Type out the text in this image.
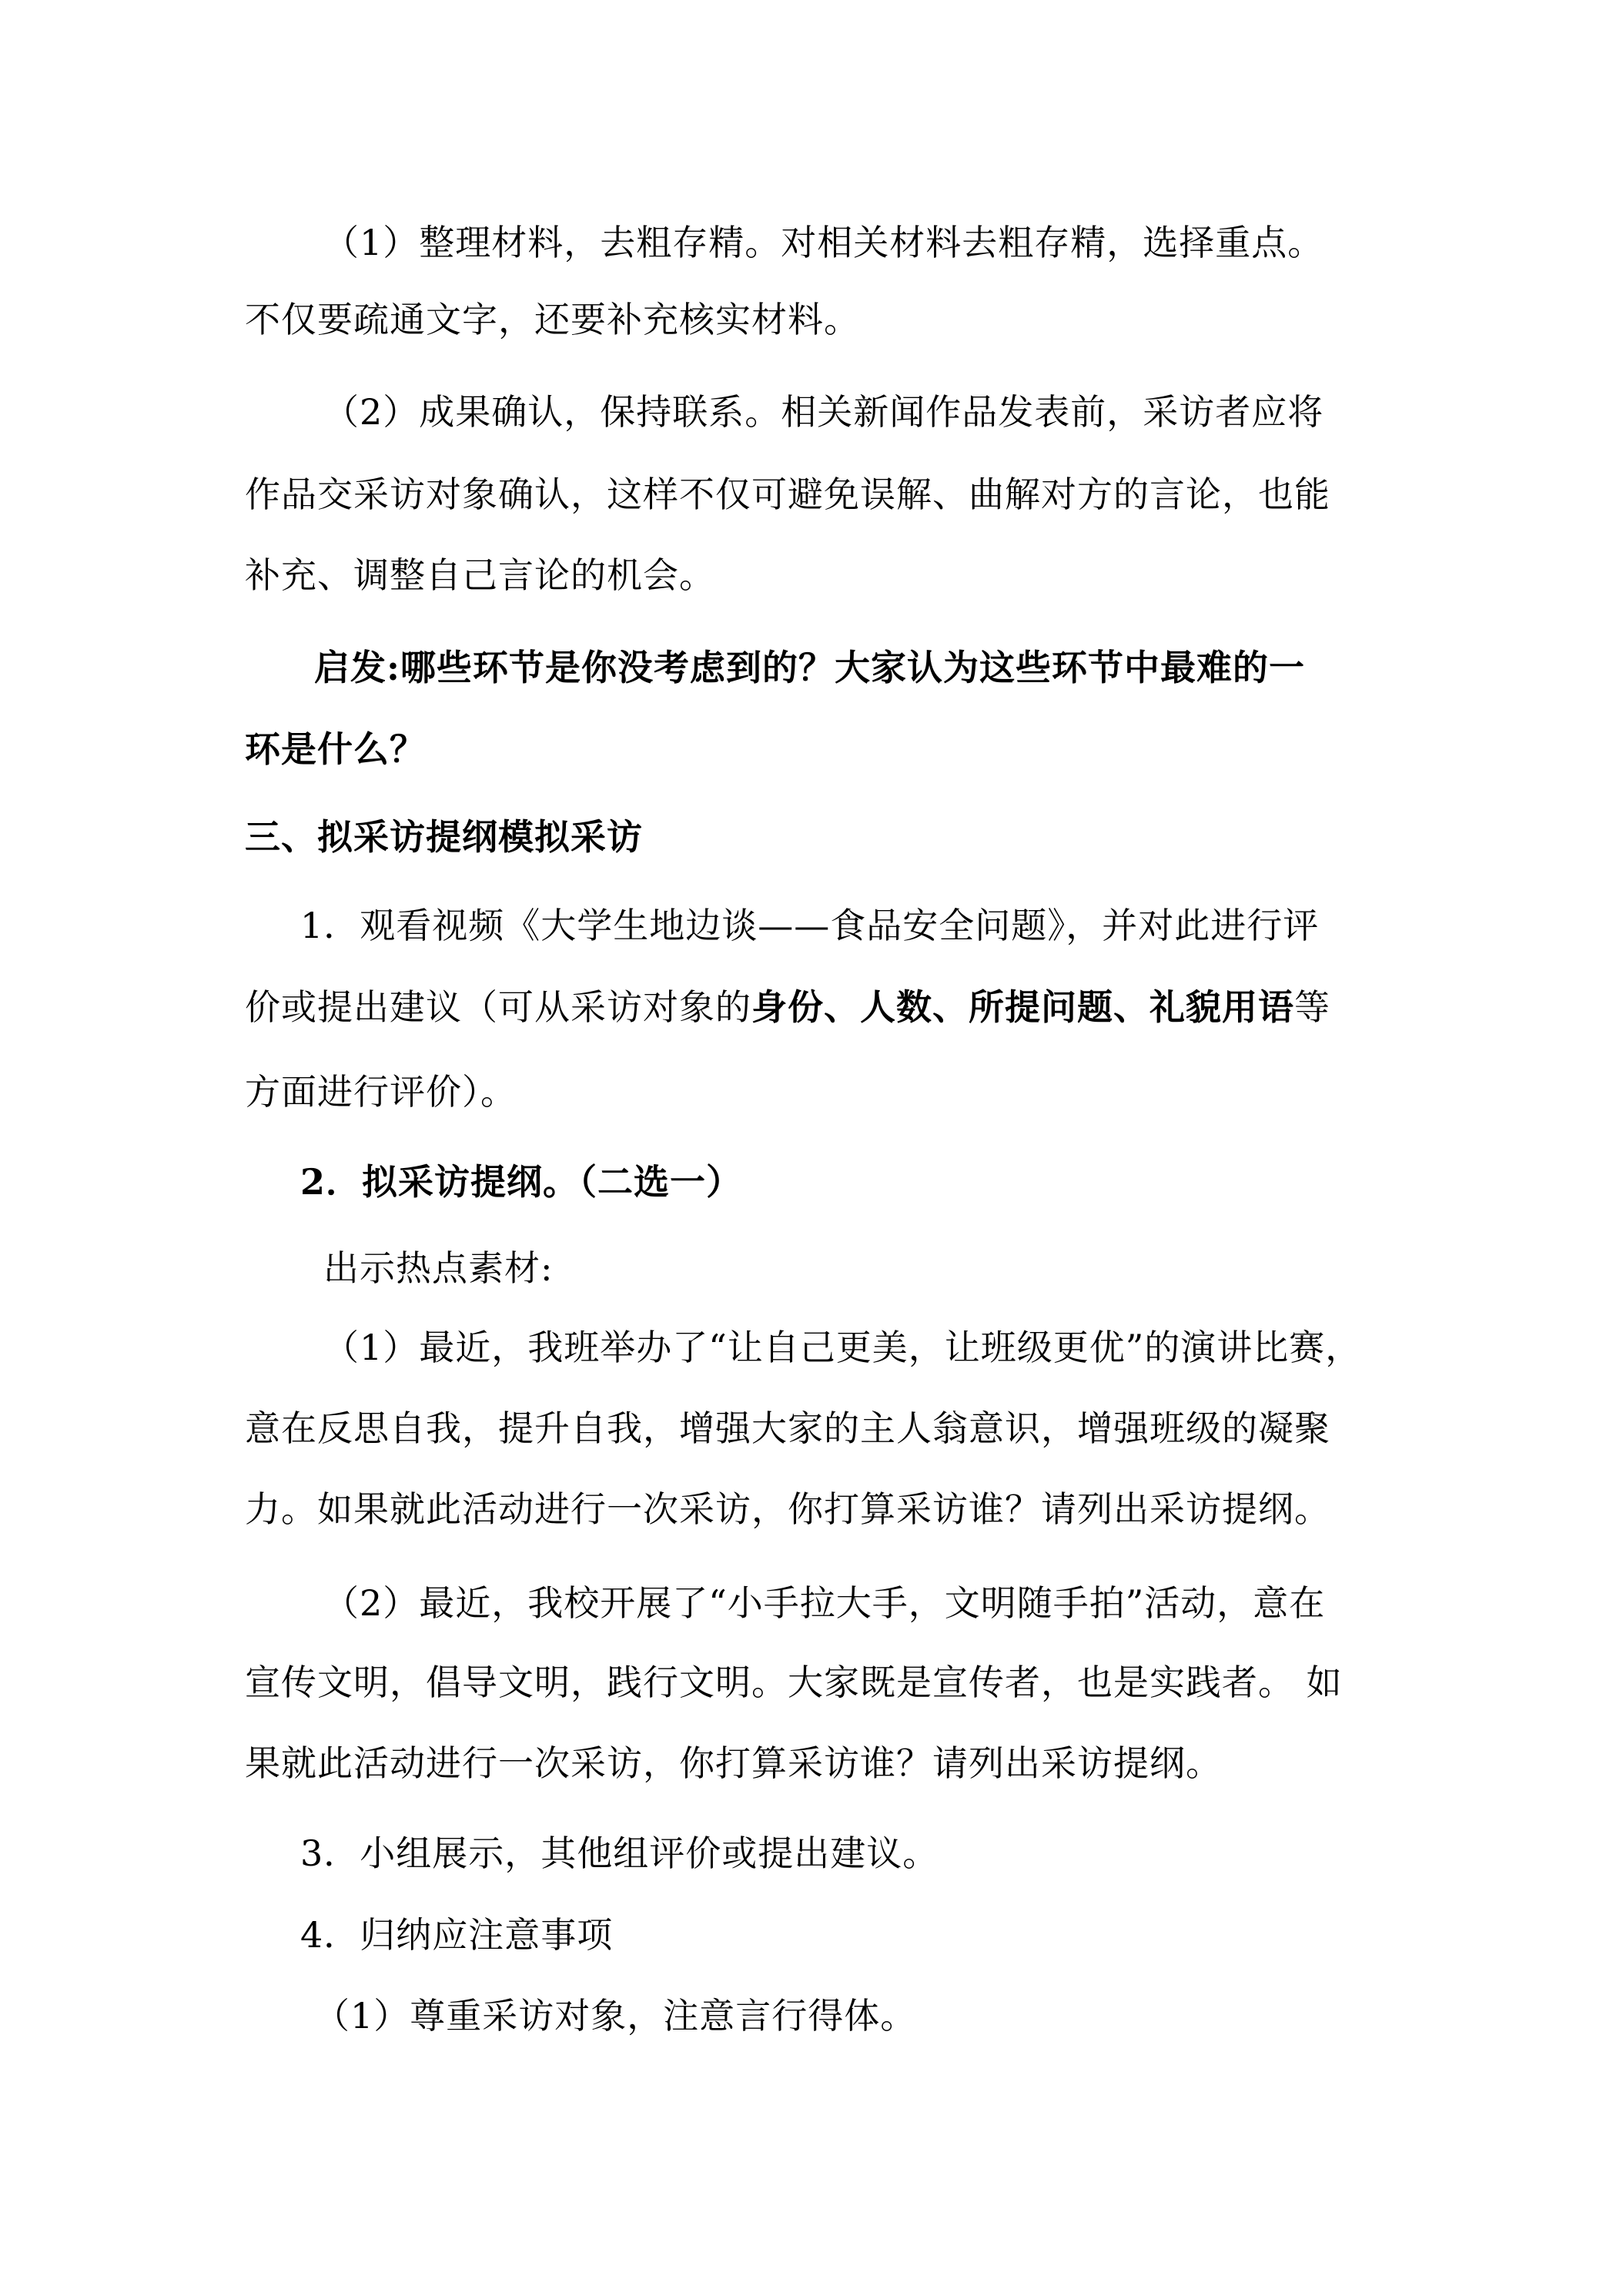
（1）整理材料，去粗存精。对相关材料去粗存精，选择重点。
不仅要疏通文字，还要补充核实材料。
（2）成果确认，保持联系。相关新闻作品发表前，采访者应将
作品交采访对象确认，这样不仅可避免误解、曲解对方的言论，也能
补充、调整自己言论的机会。
启发:哪些环节是你没考虑到的？大家认为这些环节中最难的一
环是什么？
三、拟采访提纲模拟采访
1．观看视频《大学生地边谈——食品安全问题》，并对此进行评
价或提出建议（可从采访对象的身份、人数、所提问题、礼貌用语等
方面进行评价）。
2．拟采访提纲。（二选一）
出示热点素材:
（1）最近，我班举办了“让自己更美，让班级更优”的演讲比赛，
意在反思自我，提升自我，增强大家的主人翁意识，增强班级的凝聚
力。如果就此活动进行一次采访，你打算采访谁？请列出采访提纲。
（2）最近，我校开展了“小手拉大手，文明随手拍”活动，意在
宣传文明，倡导文明，践行文明。大家既是宣传者，也是实践者。 如
果就此活动进行一次采访，你打算采访谁？请列出采访提纲。
3．小组展示，其他组评价或提出建议。
4．归纳应注意事项
（1）尊重采访对象，注意言行得体。
